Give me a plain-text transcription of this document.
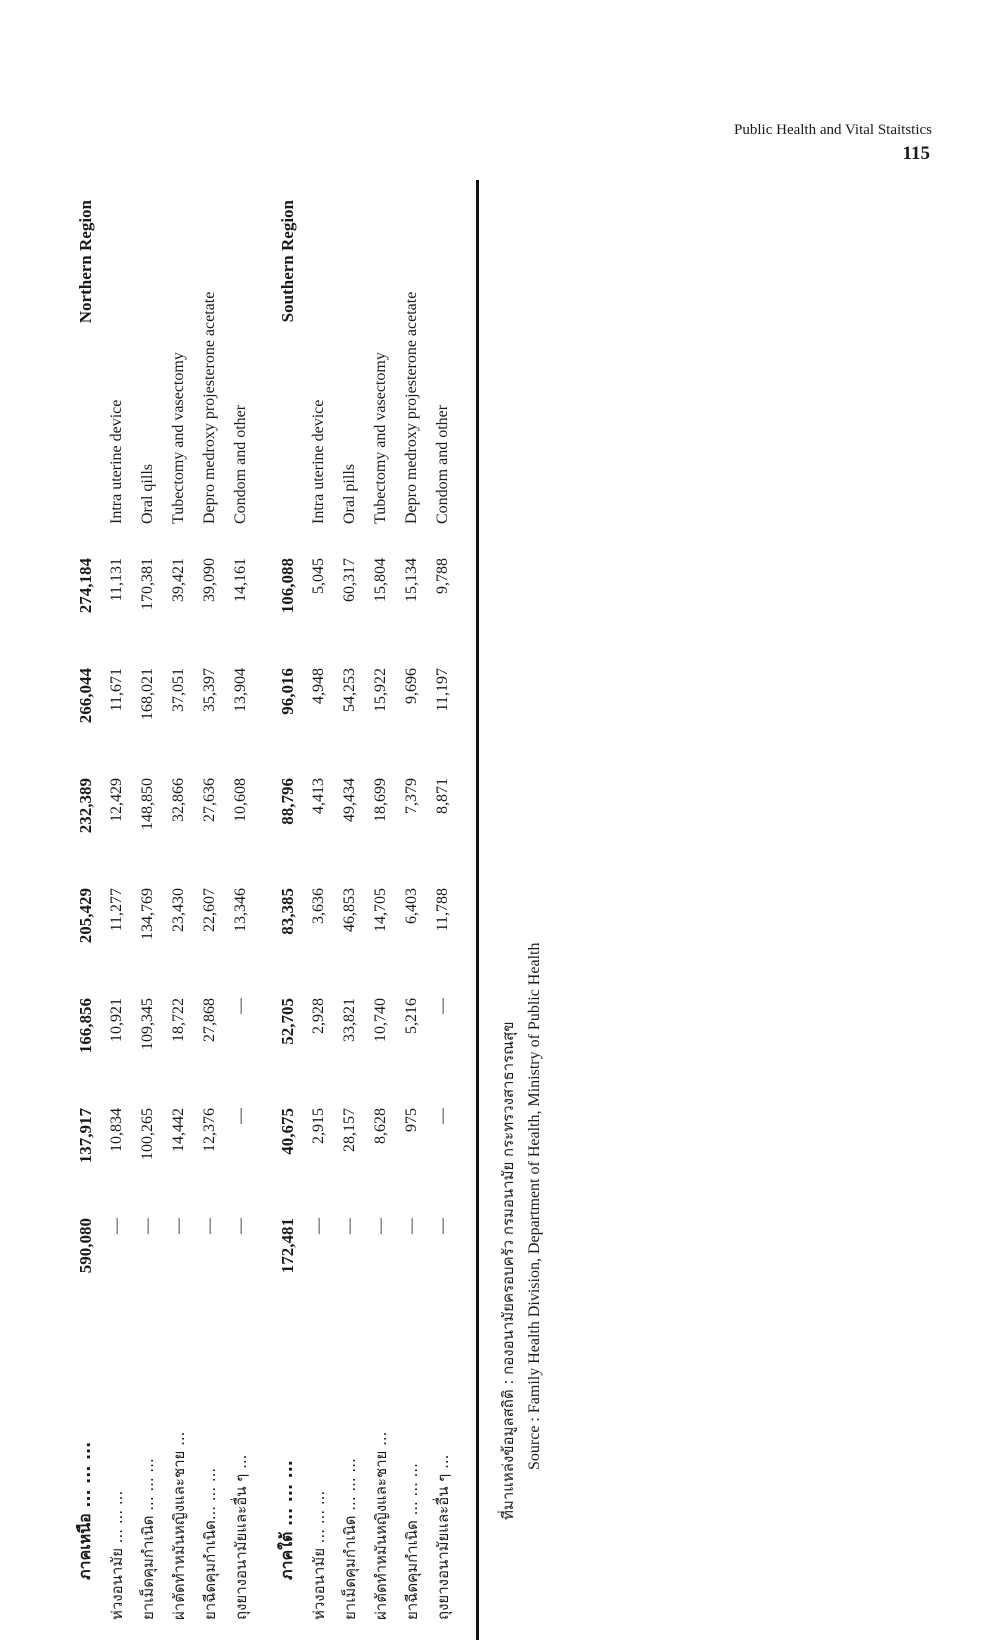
Public Health and Vital Staitstics
115
ภาคเหนือ ... ... ...	590,080	137,917	166,856	205,429	232,389	266,044	274,184	Northern Region
ห่วงอนามัย ... ... ...	—	10,834	10,921	11,277	12,429	11,671	11,131	Intra uterine device
ยาเม็ดคุมกำเนิด ... ... ...	—	100,265	109,345	134,769	148,850	168,021	170,381	Oral qills
ผ่าตัดทำหมันหญิงและชาย ...	—	14,442	18,722	23,430	32,866	37,051	39,421	Tubectomy and vasectomy
ยาฉีดคุมกำเนิด... ... ...	—	12,376	27,868	22,607	27,636	35,397	39,090	Depro medroxy projesterone acetate
ถุงยางอนามัยและอื่น ๆ ...	—	—	—	13,346	10,608	13,904	14,161	Condom and other

ภาคใต้ ... ... ...	172,481	40,675	52,705	83,385	88,796	96,016	106,088	Southern Region
ห่วงอนามัย ... ... ...	—	2,915	2,928	3,636	4,413	4,948	5,045	Intra uterine device
ยาเม็ดคุมกำเนิด ... ... ...	—	28,157	33,821	46,853	49,434	54,253	60,317	Oral pills
ผ่าตัดทำหมันหญิงและชาย ...	—	8,628	10,740	14,705	18,699	15,922	15,804	Tubectomy and vasectomy
ยาฉีดคุมกำเนิด ... ... ...	—	975	5,216	6,403	7,379	9,696	15,134	Depro medroxy projesterone acetate
ถุงยางอนามัยและอื่น ๆ ...	—	—	—	11,788	8,871	11,197	9,788	Condom and other
ที่มาแหล่งข้อมูลสถิติ : กองอนามัยครอบครัว กรมอนามัย กระทรวงสาธารณสุข Source : Family Health Division, Department of Health, Ministry of Public Health
